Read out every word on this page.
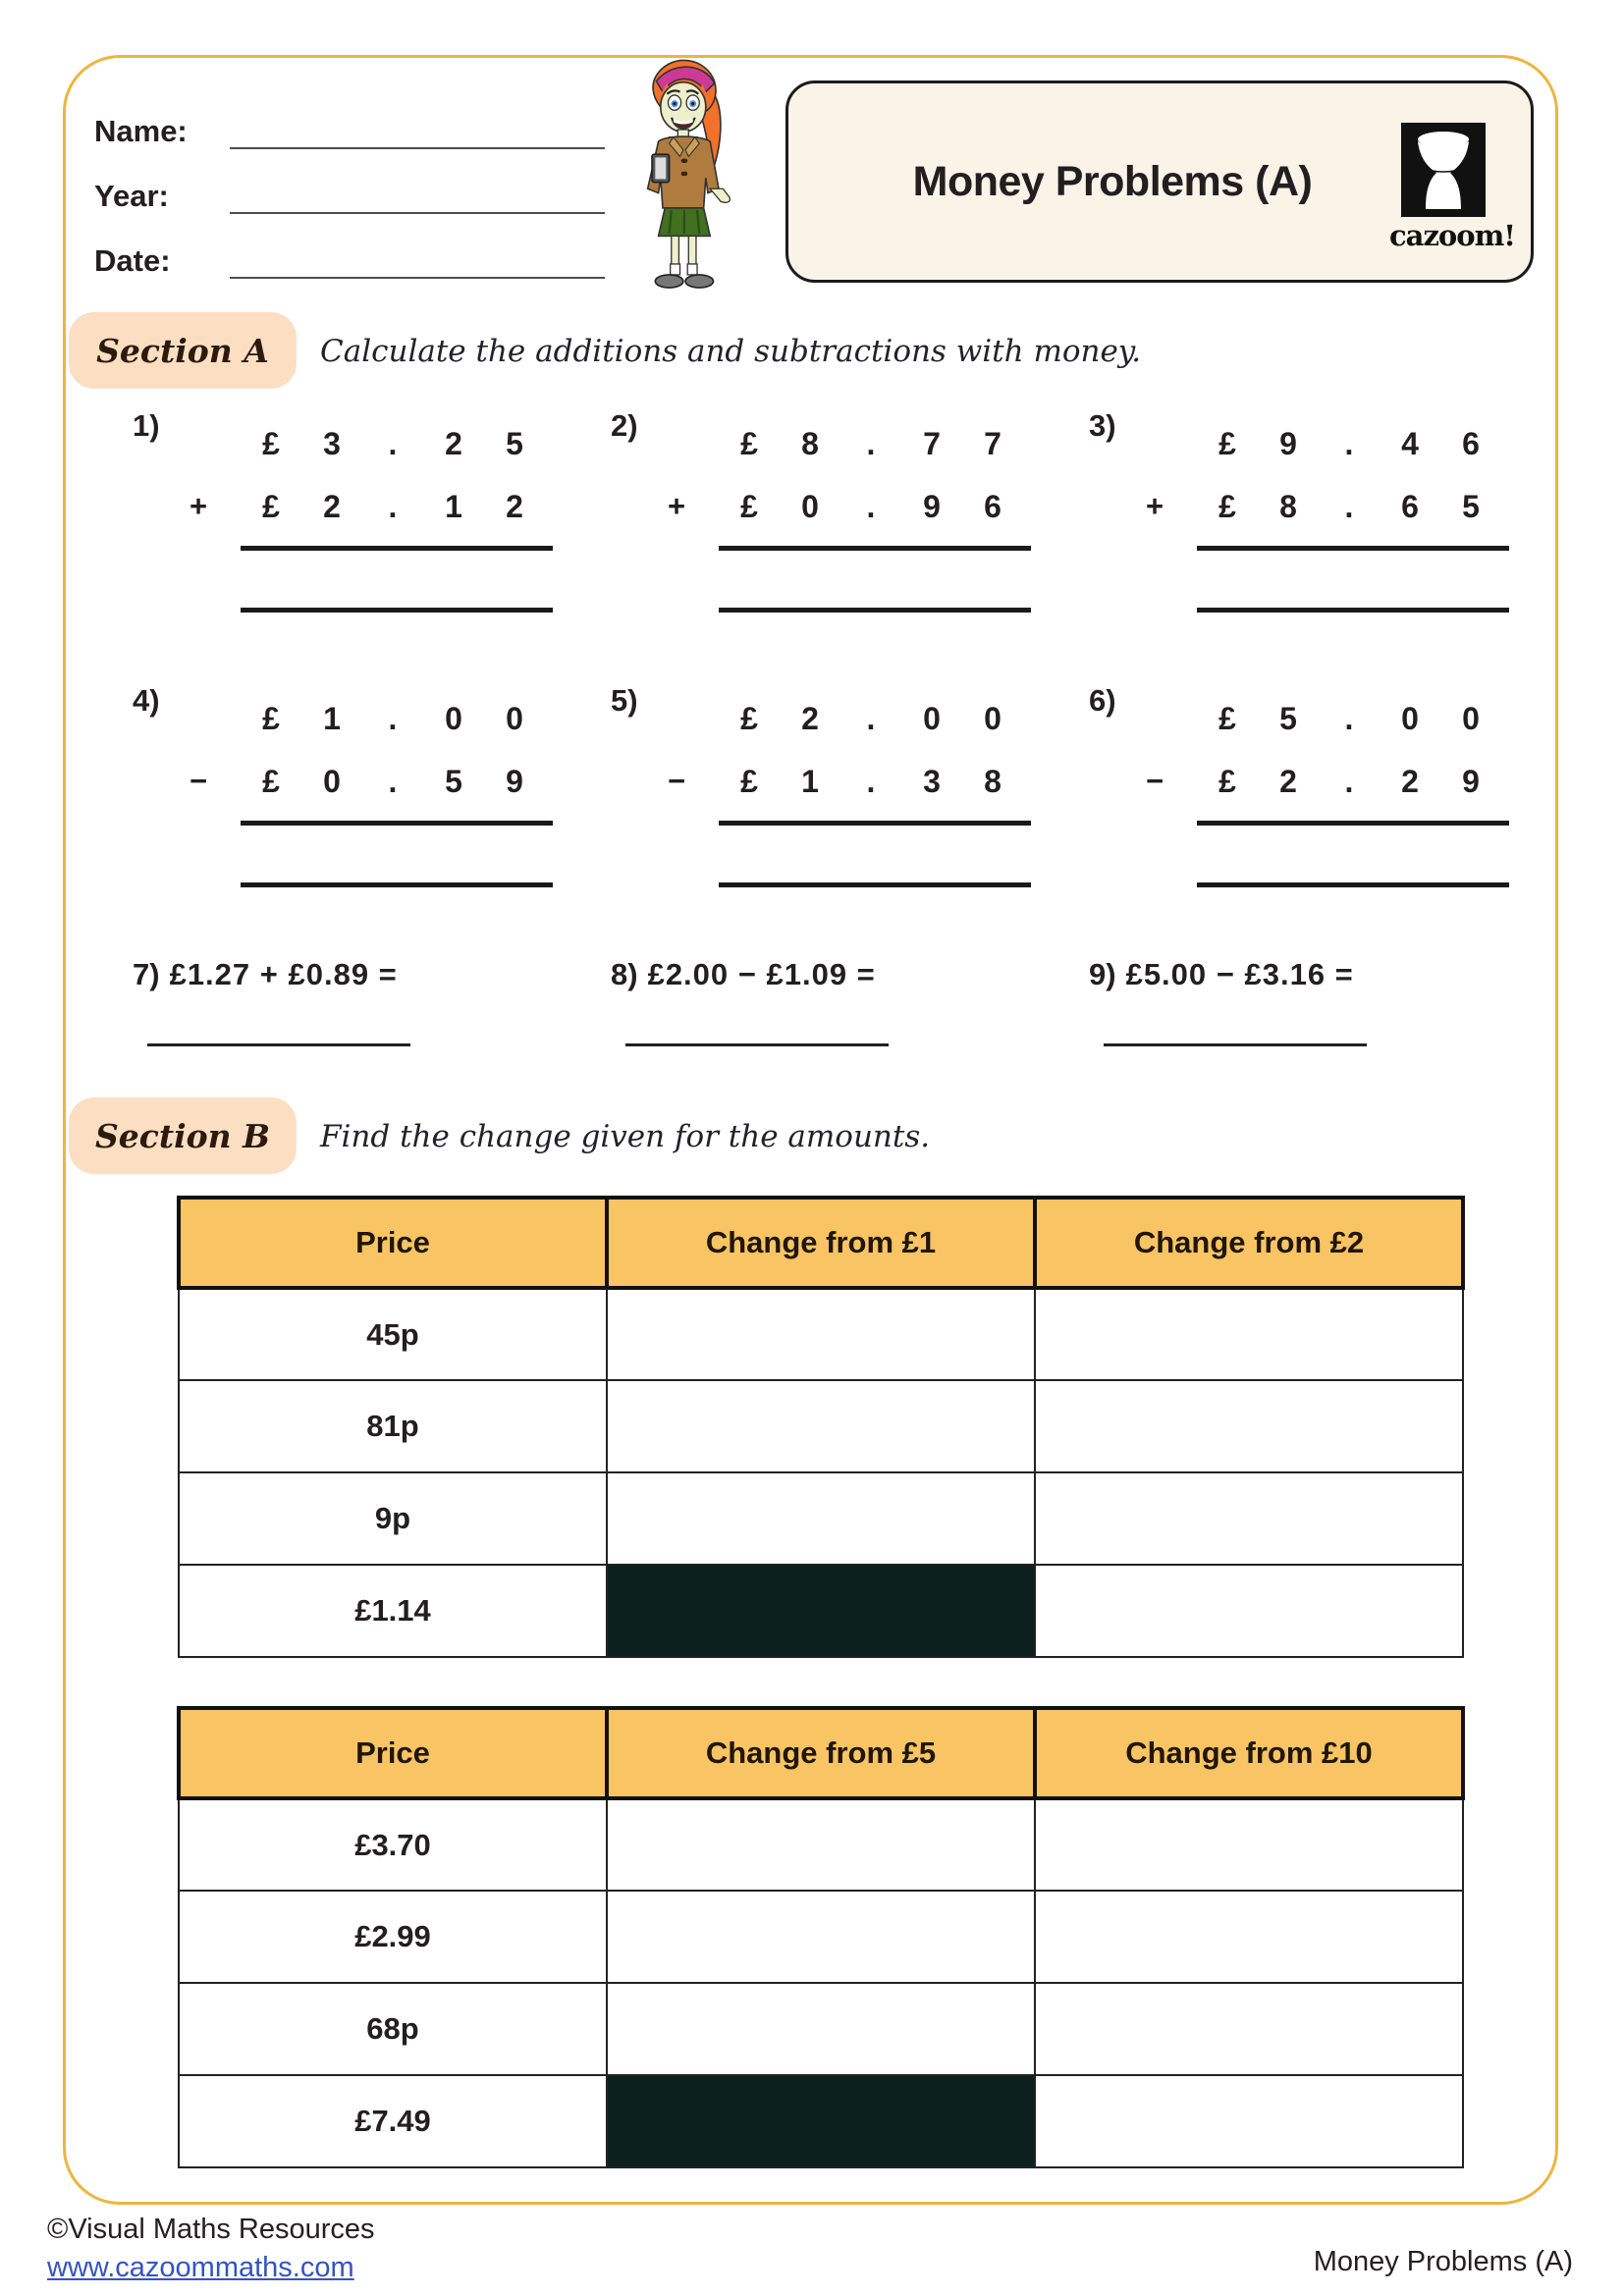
Name:
Year:
Date:
Money Problems (A)
cazoom!
Section A Calculate the additions and subtractions with money.
1)	£ 3 . 2 5
+	£ 2 . 1 2
2)	£ 8 . 7 7
+	£ 0 . 9 6
3)	£ 9 . 4 6
+	£ 8 . 6 5
4)	£ 1 . 0 0
−	£ 0 . 5 9
5)	£ 2 . 0 0
−	£ 1 . 3 8
6)	£ 5 . 0 0
−	£ 2 . 2 9
7) £1.27 + £0.89 =	8) £2.00 − £1.09 =	9) £5.00 − £3.16 =
Section B Find the change given for the amounts.
Price	Change from £1	Change from £2
45p		
81p		
9p		
£1.14		
Price	Change from £5	Change from £10
£3.70		
£2.99		
68p		
£7.49		
©Visual Maths Resources
www.cazoommaths.com	Money Problems (A)
